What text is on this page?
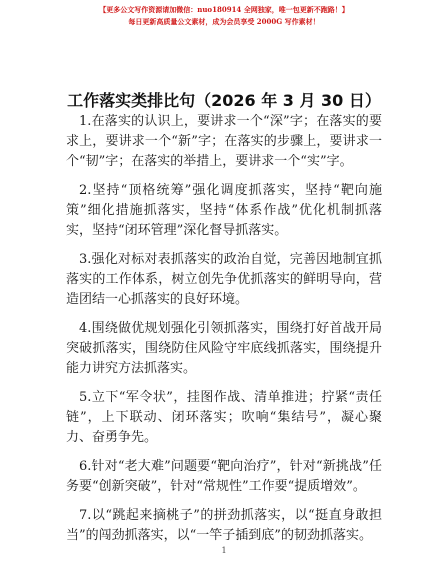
【更多公文写作资源请加微信：nuo180914 全网独家，唯一包更新不跑路！】
每日更新高质量公文素材，成为会员享受 2000G 写作素材！
工作落实类排比句（2026 年 3 月 30 日）

1.在落实的认识上，要讲求一个“深”字；在落实的要求上，要讲求一个“新”字；在落实的步骤上，要讲求一个“韧”字；在落实的举措上，要讲求一个“实”字。

2.坚持“顶格统筹”强化调度抓落实，坚持“靶向施策”细化措施抓落实，坚持“体系作战”优化机制抓落实，坚持“闭环管理”深化督导抓落实。

3.强化对标对表抓落实的政治自觉，完善因地制宜抓落实的工作体系，树立创先争优抓落实的鲜明导向，营造团结一心抓落实的良好环境。

4.围绕做优规划强化引领抓落实，围绕打好首战开局突破抓落实，围绕防住风险守牢底线抓落实，围绕提升能力讲究方法抓落实。

5.立下“军令状”，挂图作战、清单推进；拧紧“责任链”，上下联动、闭环落实；吹响“集结号”，凝心聚力、奋勇争先。

6.针对“老大难”问题要“靶向治疗”，针对“新挑战”任务要“创新突破”，针对“常规性”工作要“提质增效”。

7.以“跳起来摘桃子”的拼劲抓落实，以“挺直身敢担当”的闯劲抓落实，以“一竿子插到底”的韧劲抓落实。

1
